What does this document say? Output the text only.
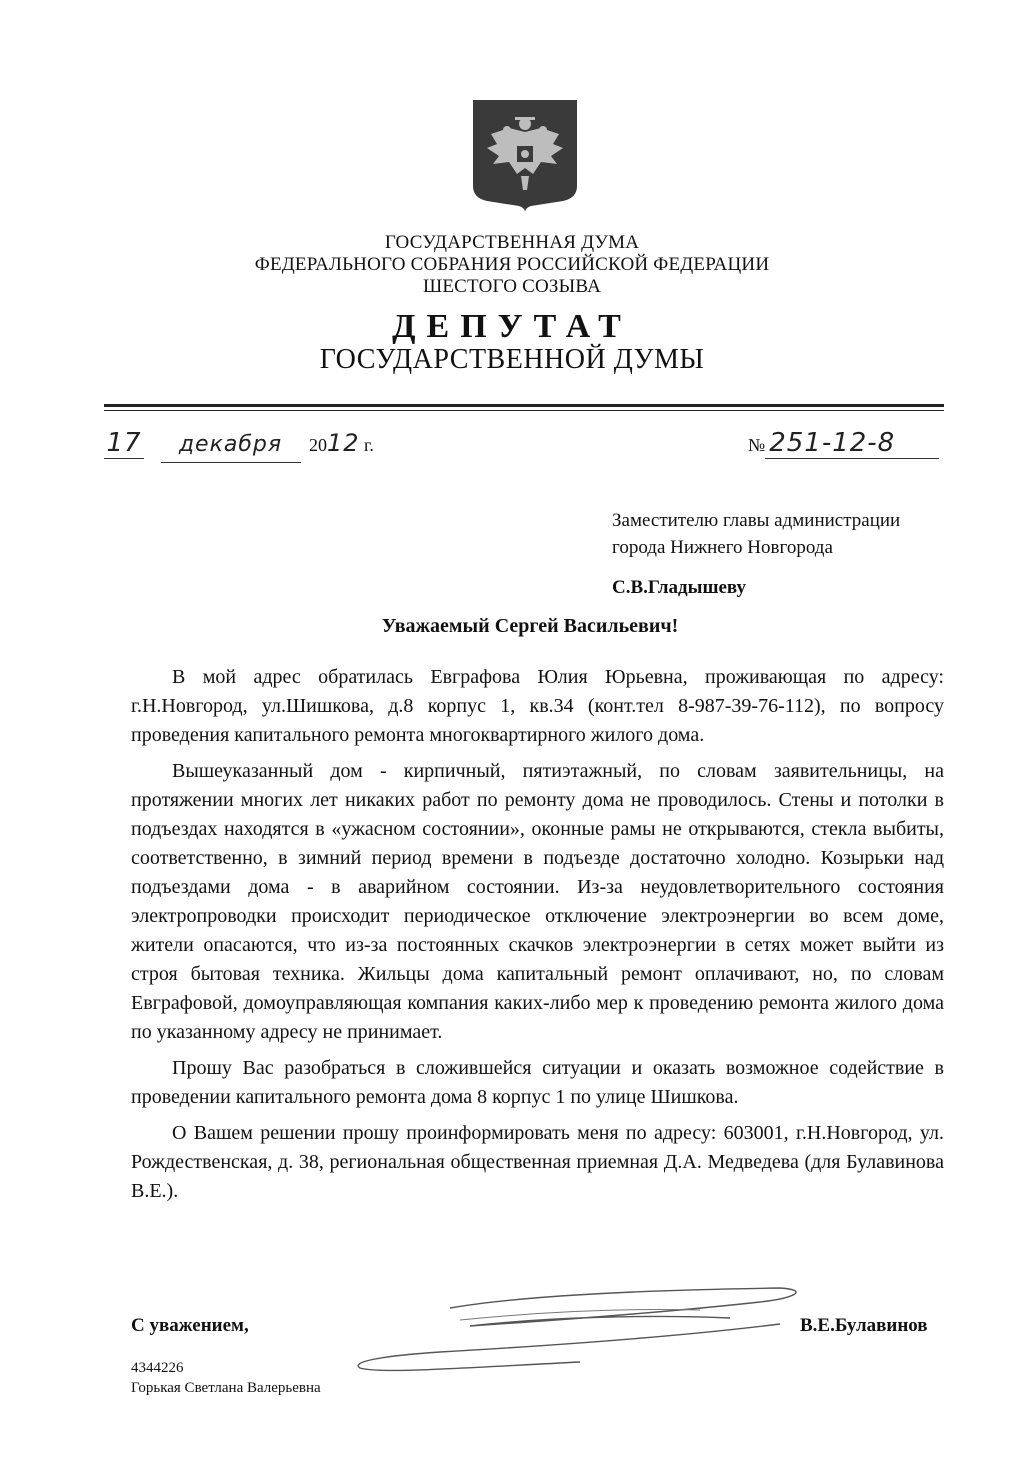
ГОСУДАРСТВЕННАЯ ДУМА
ФЕДЕРАЛЬНОГО СОБРАНИЯ РОССИЙСКОЙ ФЕДЕРАЦИИ
ШЕСТОГО СОЗЫВА
ДЕПУТАТ
ГОСУДАРСТВЕННОЙ ДУМЫ
17 декабря 2012 г.	№ 251-12-8
Заместителю главы администрации
города Нижнего Новгорода
С.В.Гладышеву
Уважаемый Сергей Васильевич!

В мой адрес обратилась Евграфова Юлия Юрьевна, проживающая по адресу: г.Н.Новгород, ул.Шишкова, д.8 корпус 1, кв.34 (конт.тел 8-987-39-76-112), по вопросу проведения капитального ремонта многоквартирного жилого дома.

Вышеуказанный дом - кирпичный, пятиэтажный, по словам заявительницы, на протяжении многих лет никаких работ по ремонту дома не проводилось. Стены и потолки в подъездах находятся в «ужасном состоянии», оконные рамы не открываются, стекла выбиты, соответственно, в зимний период времени в подъезде достаточно холодно. Козырьки над подъездами дома - в аварийном состоянии. Из-за неудовлетворительного состояния электропроводки происходит периодическое отключение электроэнергии во всем доме, жители опасаются, что из-за постоянных скачков электроэнергии в сетях может выйти из строя бытовая техника. Жильцы дома капитальный ремонт оплачивают, но, по словам Евграфовой, домоуправляющая компания каких-либо мер к проведению ремонта жилого дома по указанному адресу не принимает.

Прошу Вас разобраться в сложившейся ситуации и оказать возможное содействие в проведении капитального ремонта дома 8 корпус 1 по улице Шишкова.

О Вашем решении прошу проинформировать меня по адресу: 603001, г.Н.Новгород, ул. Рождественская, д. 38, региональная общественная приемная Д.А. Медведева (для Булавинова В.Е.).

С уважением,	В.Е.Булавинов
4344226
Горькая Светлана Валерьевна
